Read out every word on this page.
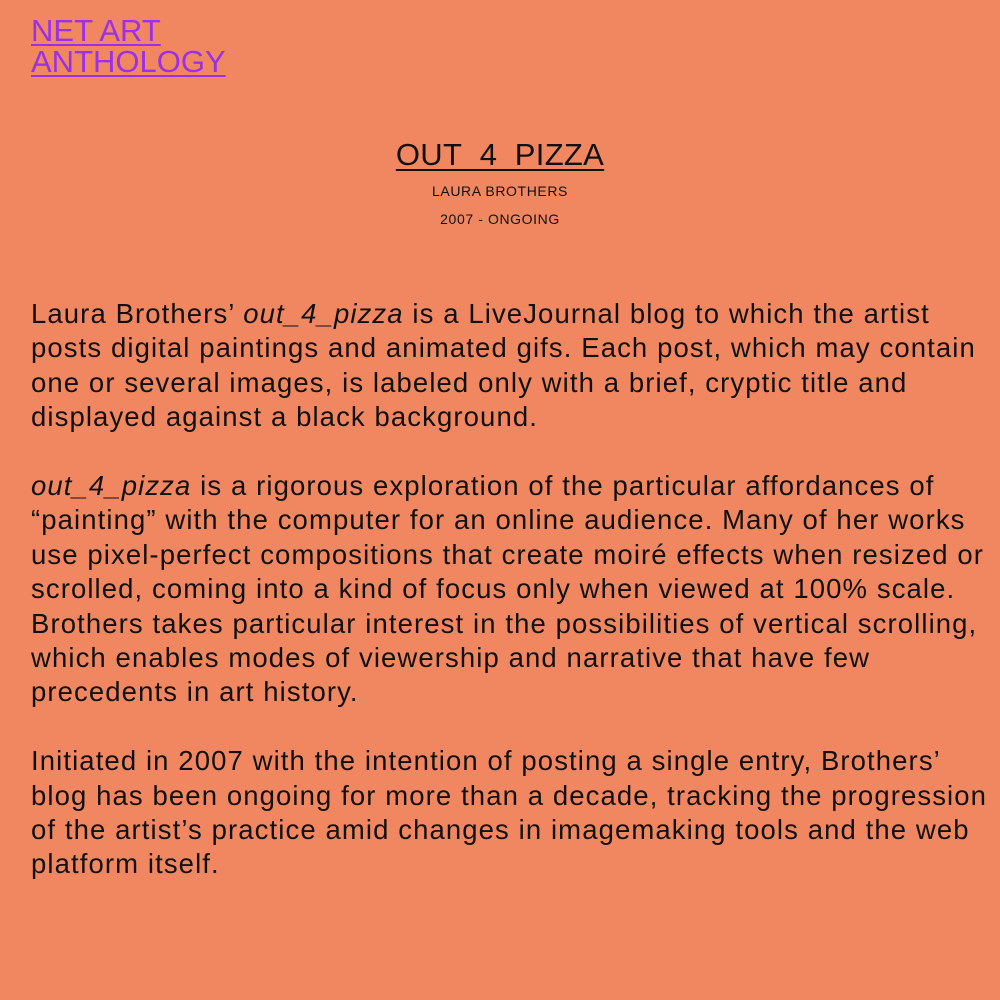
NET ART
ANTHOLOGY
OUT_4_PIZZA

LAURA BROTHERS

2007 - ONGOING

Laura Brothers’ out_4_pizza is a LiveJournal blog to which the artist posts digital paintings and animated gifs. Each post, which may contain one or several images, is labeled only with a brief, cryptic title and displayed against a black background.

out_4_pizza is a rigorous exploration of the particular affordances of “painting” with the computer for an online audience. Many of her works use pixel-perfect compositions that create moiré effects when resized or scrolled, coming into a kind of focus only when viewed at 100% scale. Brothers takes particular interest in the possibilities of vertical scrolling, which enables modes of viewership and narrative that have few precedents in art history.

Initiated in 2007 with the intention of posting a single entry, Brothers’ blog has been ongoing for more than a decade, tracking the progression of the artist’s practice amid changes in imagemaking tools and the web platform itself.
